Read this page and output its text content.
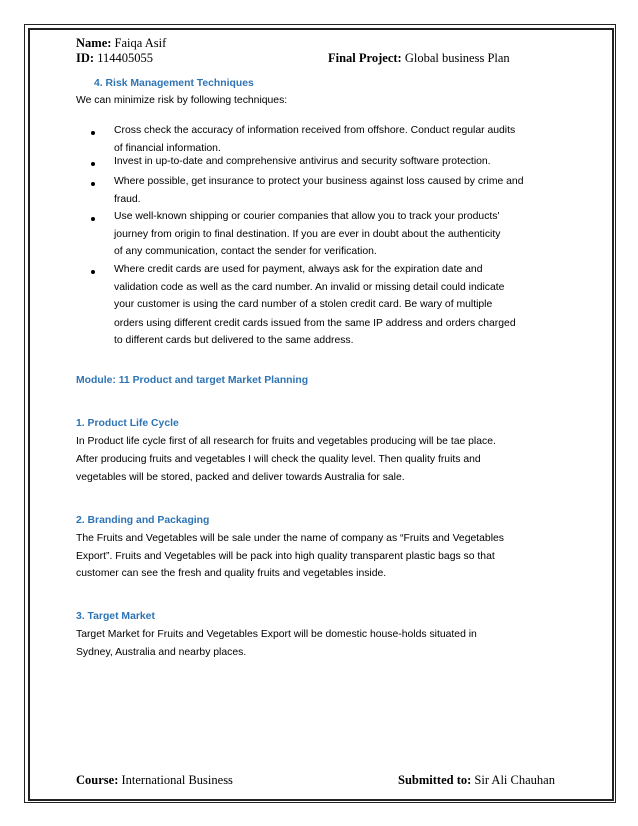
Name: Faiqa Asif
ID: 114405055	Final Project: Global business Plan
4. Risk Management Techniques
We can minimize risk by following techniques:
Cross check the accuracy of information received from offshore. Conduct regular audits
of financial information.
Invest in up-to-date and comprehensive antivirus and security software protection.
Where possible, get insurance to protect your business against loss caused by crime and
fraud.
Use well-known shipping or courier companies that allow you to track your products'
journey from origin to final destination. If you are ever in doubt about the authenticity
of any communication, contact the sender for verification.
Where credit cards are used for payment, always ask for the expiration date and
validation code as well as the card number. An invalid or missing detail could indicate
your customer is using the card number of a stolen credit card. Be wary of multiple
orders using different credit cards issued from the same IP address and orders charged
to different cards but delivered to the same address.
Module: 11 Product and target Market Planning
1. Product Life Cycle
In Product life cycle first of all research for fruits and vegetables producing will be tae place.
After producing fruits and vegetables I will check the quality level. Then quality fruits and
vegetables will be stored, packed and deliver towards Australia for sale.
2. Branding and Packaging
The Fruits and Vegetables will be sale under the name of company as “Fruits and Vegetables
Export”. Fruits and Vegetables will be pack into high quality transparent plastic bags so that
customer can see the fresh and quality fruits and vegetables inside.
3. Target Market
Target Market for Fruits and Vegetables Export will be domestic house-holds situated in
Sydney, Australia and nearby places.
Course: International Business	Submitted to: Sir Ali Chauhan
